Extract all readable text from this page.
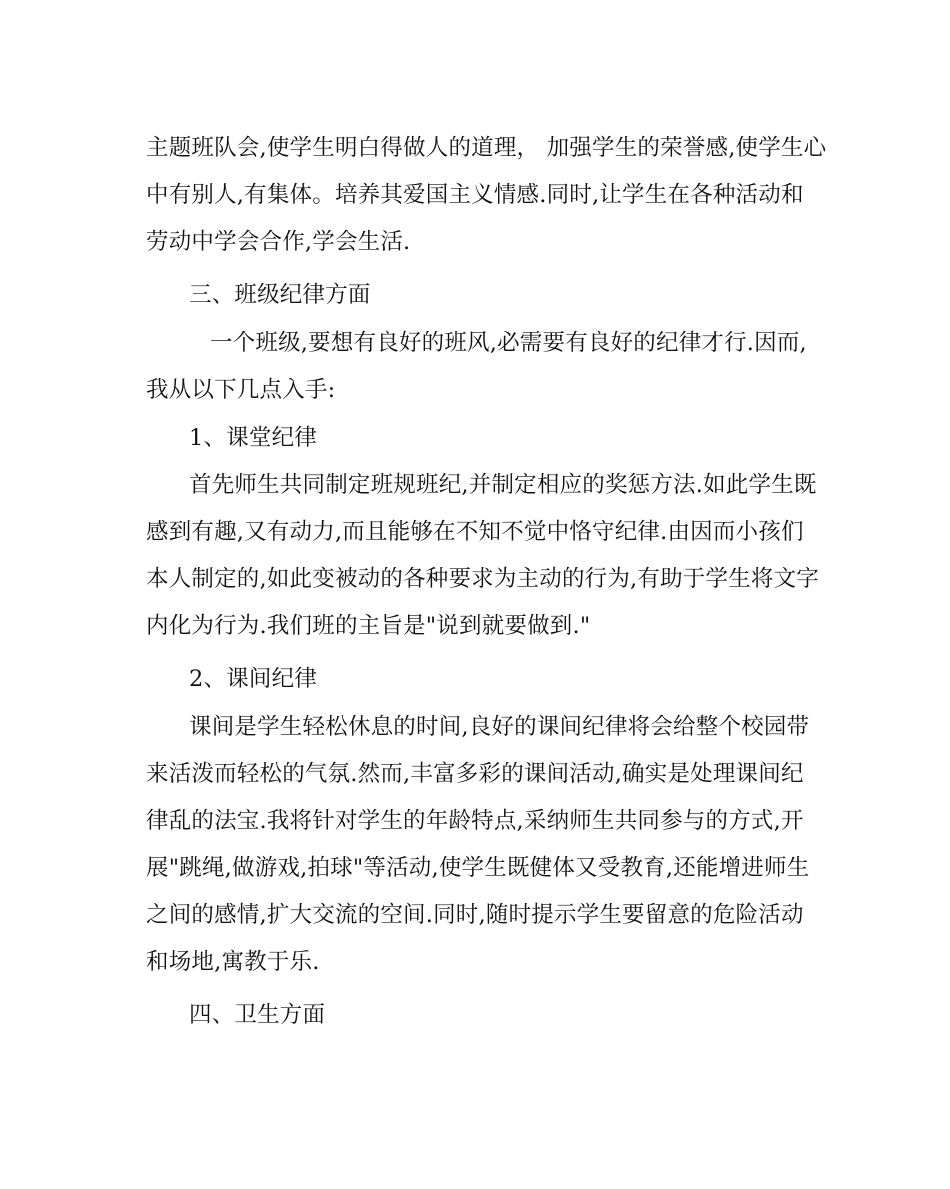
主题班队会,使学生明白得做人的道理， 加强学生的荣誉感,使学生心
中有别人,有集体。培养其爱国主义情感.同时,让学生在各种活动和
劳动中学会合作,学会生活.
三、班级纪律方面
一个班级,要想有良好的班风,必需要有良好的纪律才行.因而,
我从以下几点入手:
1、课堂纪律
首先师生共同制定班规班纪,并制定相应的奖惩方法.如此学生既
感到有趣,又有动力,而且能够在不知不觉中恪守纪律.由因而小孩们
本人制定的,如此变被动的各种要求为主动的行为,有助于学生将文字
内化为行为.我们班的主旨是"说到就要做到."
2、课间纪律
课间是学生轻松休息的时间,良好的课间纪律将会给整个校园带
来活泼而轻松的气氛.然而,丰富多彩的课间活动,确实是处理课间纪
律乱的法宝.我将针对学生的年龄特点,采纳师生共同参与的方式,开
展"跳绳,做游戏,拍球"等活动,使学生既健体又受教育,还能增进师生
之间的感情,扩大交流的空间.同时,随时提示学生要留意的危险活动
和场地,寓教于乐.
四、卫生方面
